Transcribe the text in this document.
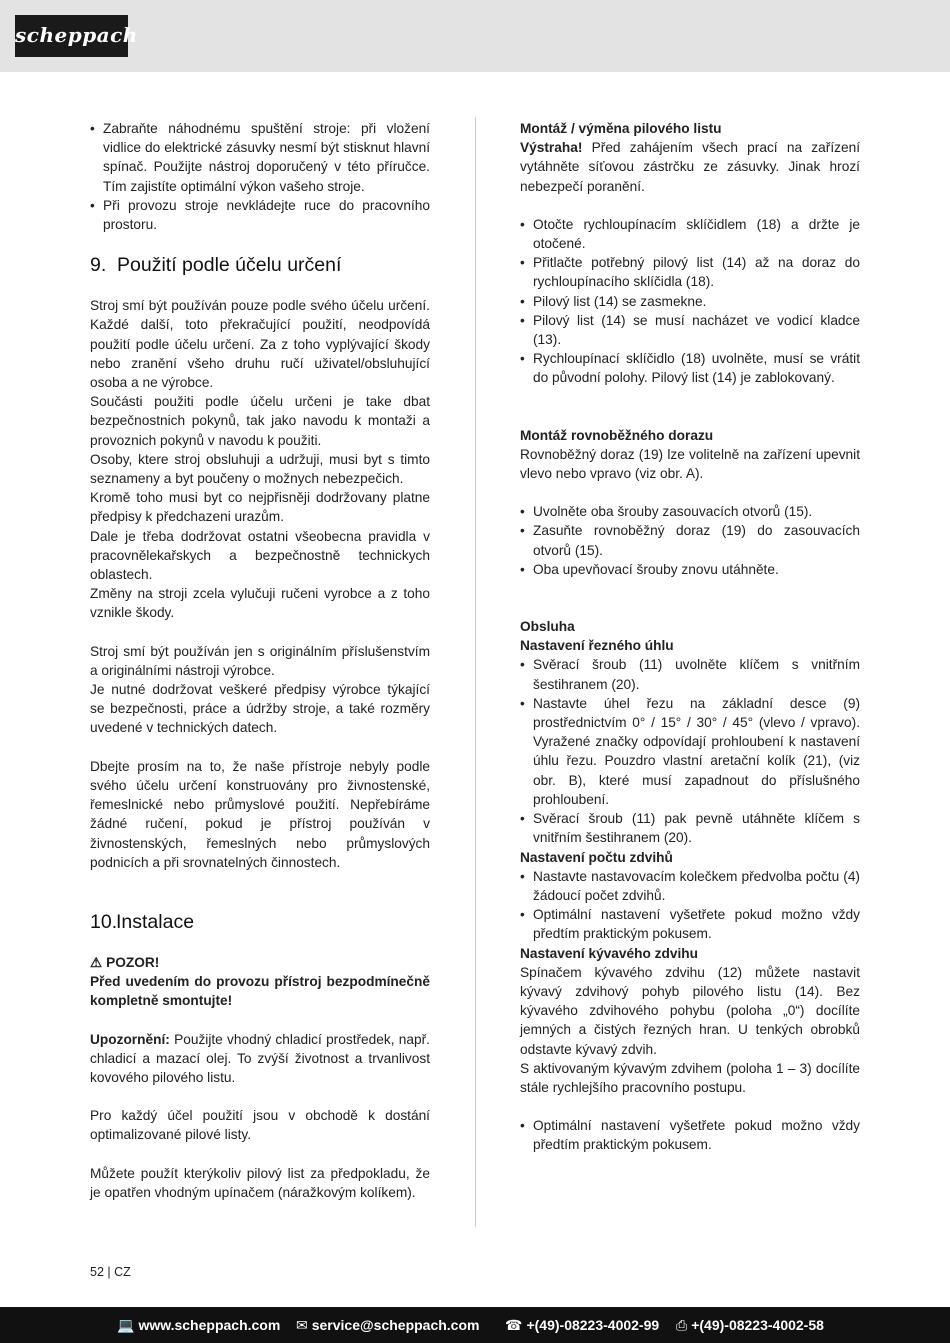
scheppach
• Zabraňte náhodnému spuštění stroje: při vložení vidlice do elektrické zásuvky nesmí být stisknut hlavní spínač. Použijte nástroj doporučený v této příručce. Tím zajistíte optimální výkon vašeho stroje.
• Při provozu stroje nevkládejte ruce do pracovního prostoru.
9. Použití podle účelu určení

Stroj smí být používán pouze podle svého účelu určení. Každé další, toto překračující použití, neodpovídá použití podle účelu určení. Za z toho vyplývající škody nebo zranění všeho druhu ručí uživatel/obsluhující osoba a ne výrobce.

Součásti použiti podle účelu určeni je take dbat bezpečnostnich pokynů, tak jako navodu k montaži a provoznich pokynů v navodu k použiti.

Osoby, ktere stroj obsluhuji a udržuji, musi byt s timto seznameny a byt poučeny o možnych nebezpečich.

Kromě toho musi byt co nejpřisněji dodržovany platne předpisy k předchazeni urazům.

Dale je třeba dodržovat ostatni všeobecna pravidla v pracovnělekařskych a bezpečnostně technickych oblastech.

Změny na stroji zcela vylučuji ručeni vyrobce a z toho vznikle škody.

Stroj smí být používán jen s originálním příslušenstvím a originálními nástroji výrobce.

Je nutné dodržovat veškeré předpisy výrobce týkající se bezpečnosti, práce a údržby stroje, a také rozměry uvedené v technických datech.

Dbejte prosím na to, že naše přístroje nebyly podle svého účelu určení konstruovány pro živnostenské, řemeslnické nebo průmyslové použití. Nepřebíráme žádné ručení, pokud je přístroj používán v živnostenských, řemeslných nebo průmyslových podnicích a při srovnatelných činnostech.

10.Instalace

⚠ POZOR!

Před uvedením do provozu přístroj bezpodmínečně kompletně smontujte!

Upozornění: Použijte vhodný chladicí prostředek, např. chladicí a mazací olej. To zvýší životnost a trvanlivost kovového pilového listu.

Pro každý účel použití jsou v obchodě k dostání optimalizované pilové listy.

Můžete použít kterýkoliv pilový list za předpokladu, že je opatřen vhodným upínačem (náražkovým kolíkem).

Montáž / výměna pilového listu

Výstraha! Před zahájením všech prací na zařízení vytáhněte síťovou zástrčku ze zásuvky. Jinak hrozí nebezpečí poranění.

• Otočte rychloupínacím sklíčidlem (18) a držte je otočené.
• Přitlačte potřebný pilový list (14) až na doraz do rychloupínacího sklíčidla (18).
• Pilový list (14) se zasmekne.
• Pilový list (14) se musí nacházet ve vodicí kladce (13).
• Rychloupínací sklíčidlo (18) uvolněte, musí se vrátit do původní polohy. Pilový list (14) je zablokovaný.

Montáž rovnoběžného dorazu

Rovnoběžný doraz (19) lze volitelně na zařízení upevnit vlevo nebo vpravo (viz obr. A).

• Uvolněte oba šrouby zasouvacích otvorů (15).
• Zasuňte rovnoběžný doraz (19) do zasouvacích otvorů (15).
• Oba upevňovací šrouby znovu utáhněte.

Obsluha

Nastavení řezného úhlu

• Svěrací šroub (11) uvolněte klíčem s vnitřním šestihranem (20).
• Nastavte úhel řezu na základní desce (9) prostřednictvím 0° / 15° / 30° / 45° (vlevo / vpravo). Vyražené značky odpovídají prohloubení k nastavení úhlu řezu. Pouzdro vlastní aretační kolík (21), (viz obr. B), které musí zapadnout do příslušného prohloubení.
• Svěrací šroub (11) pak pevně utáhněte klíčem s vnitřním šestihranem (20).

Nastavení počtu zdvihů

• Nastavte nastavovacím kolečkem předvolba počtu (4) žádoucí počet zdvihů.
• Optimální nastavení vyšetřete pokud možno vždy předtím praktickým pokusem.

Nastavení kývavého zdvihu

Spínačem kývavého zdvihu (12) můžete nastavit kývavý zdvihový pohyb pilového listu (14). Bez kývavého zdvihového pohybu (poloha „0“) docílíte jemných a čistých řezných hran. U tenkých obrobků odstavte kývavý zdvih.

S aktivovaným kývavým zdvihem (poloha 1 – 3) docílíte stále rychlejšího pracovního postupu.

• Optimální nastavení vyšetřete pokud možno vždy předtím praktickým pokusem.
52 | CZ
💻 www.scheppach.com ✉ service@scheppach.com ☎ +(49)-08223-4002-99 ⎙ +(49)-08223-4002-58
